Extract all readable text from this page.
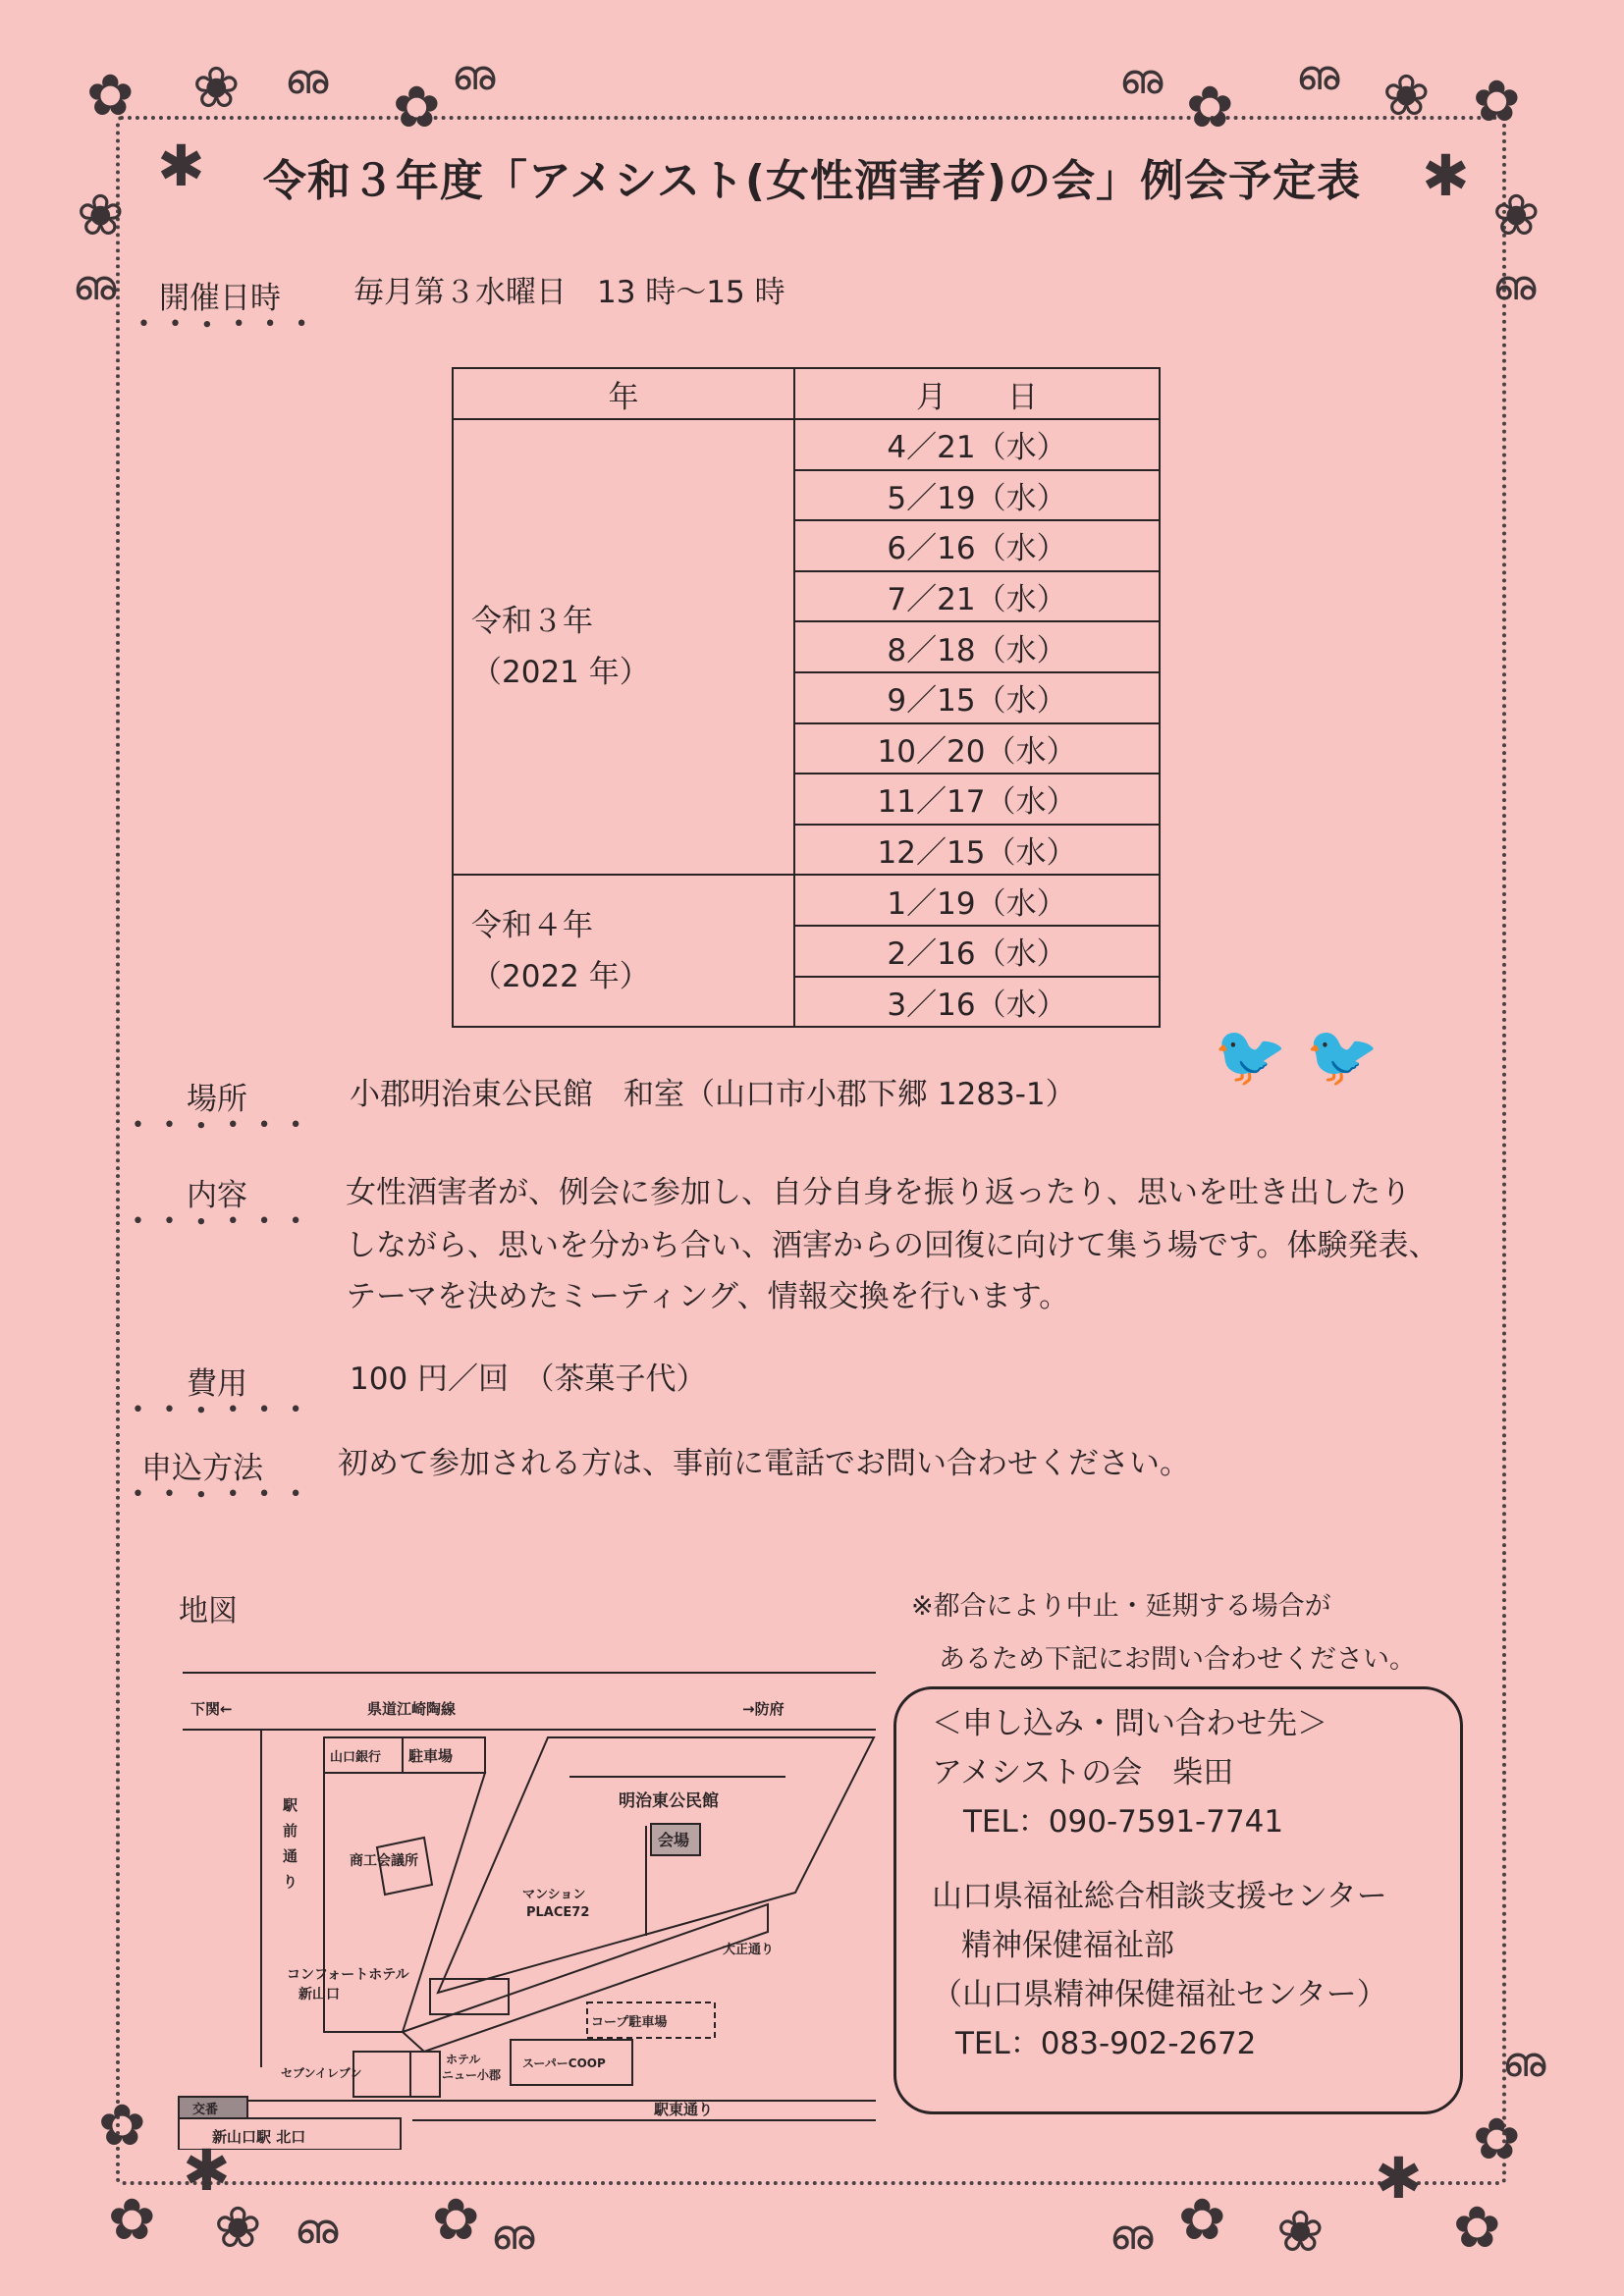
✿ ❀ ഌ ✿ ഌ
✱
❀
ഌ
ഌ ✿ ഌ ❀ ✿
✱
❀
ഌ
✿
✱
✿ ❀ ഌ ✿ ഌ	ഌ ✿ ❀
✱
✿
✿
ഌ
令和３年度「アメシスト(女性酒害者)の会」例会予定表
開催日時
• • ∙ • • •
毎月第３水曜日　13 時〜15 時
年	月　　日

令和３年
（2021 年）	4／21（水）
	5／19（水）
	6／16（水）
	7／21（水）
	8／18（水）
	9／15（水）
	10／20（水）
	11／17（水）
	12／15（水）

令和４年
（2022 年）	1／19（水）
	2／16（水）
	3／16（水）
場所
• • ∙ • • •
小郡明治東公民館　和室（山口市小郡下郷 1283-1）
🐦 🐦
内容
• • ∙ • • •
女性酒害者が、例会に参加し、自分自身を振り返ったり、思いを吐き出したり
しながら、思いを分かち合い、酒害からの回復に向けて集う場です。体験発表、
テーマを決めたミーティング、情報交換を行います。
費用
• • ∙ • • •
100 円／回　（茶菓子代）
申込方法
• • ∙ • • •
初めて参加される方は、事前に電話でお問い合わせください。
地図
下関←	県道江崎陶線	→防府
山口銀行 駐車場
駅
前
通
り
商工会議所
明治東公民館
会場
マンション
PLACE72
大正通り
コンフォートホテル
新山口
コープ駐車場
セブンイレブン
ホテル
ニュー小郡
スーパーCOOP
交番
新山口駅 北口
駅東通り
※都合により中止・延期する場合が
あるため下記にお問い合わせください。
＜申し込み・問い合わせ先＞
アメシストの会　柴田
TEL：090-7591-7741
山口県福祉総合相談支援センター
精神保健福祉部
（山口県精神保健福祉センター）
TEL：083-902-2672
